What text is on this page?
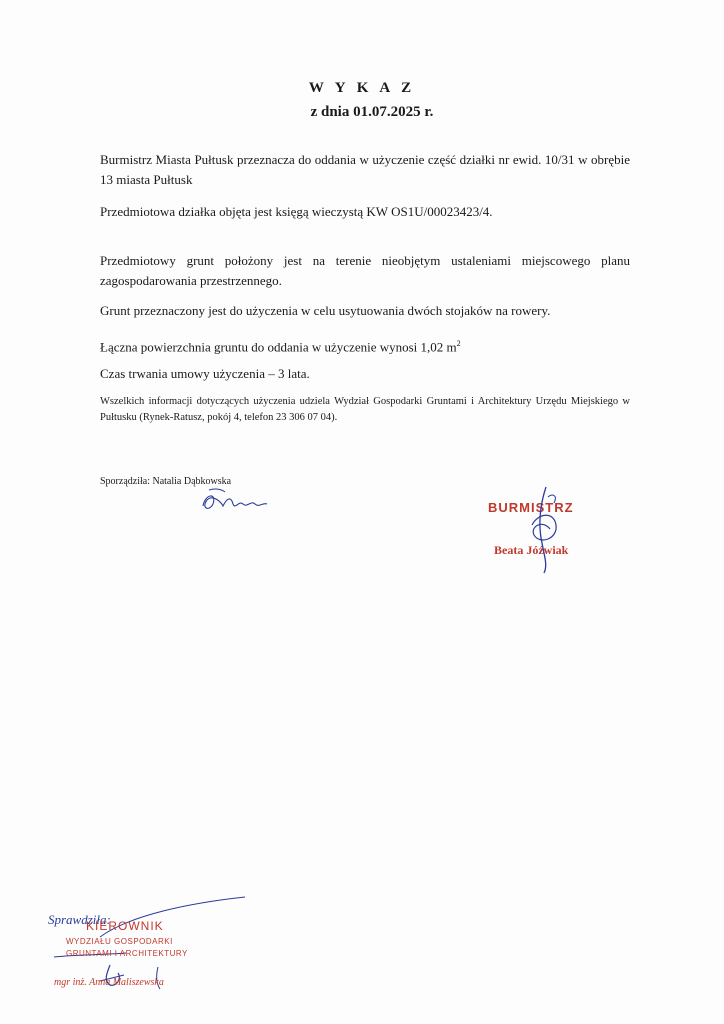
W Y K A Z
z dnia 01.07.2025 r.
Burmistrz Miasta Pułtusk przeznacza do oddania w użyczenie część działki nr ewid. 10/31 w obrębie 13 miasta Pułtusk
Przedmiotowa działka objęta jest księgą wieczystą KW OS1U/00023423/4.
Przedmiotowy grunt położony jest na terenie nieobjętym ustaleniami miejscowego planu zagospodarowania przestrzennego.
Grunt przeznaczony jest do użyczenia w celu usytuowania dwóch stojaków na rowery.
Łączna powierzchnia gruntu do oddania w użyczenie wynosi 1,02 $m^2$
Czas trwania umowy użyczenia – 3 lata.
Wszelkich informacji dotyczących użyczenia udziela Wydział Gospodarki Gruntami i Architektury Urzędu Miejskiego w Pułtusku (Rynek-Ratusz, pokój 4, telefon 23 306 07 04).
Sporządziła: Natalia Dąbkowska
BURMISTRZ
Beata Jóźwiak
Sprawdziła:
KIEROWNIK
WYDZIAŁU GOSPODARKI
GRUNTAMI I ARCHITEKTURY
mgr inż. Anna Maliszewska
